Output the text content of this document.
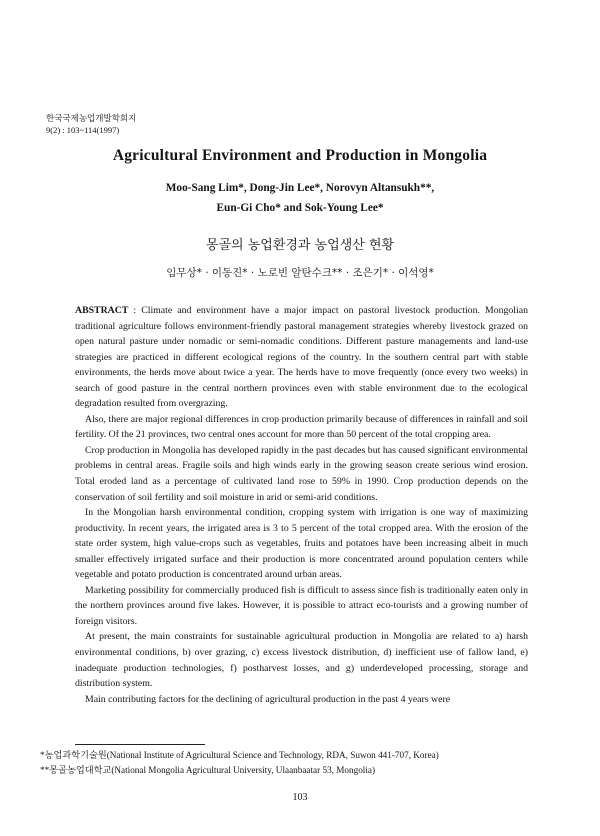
한국국제농업개발학회지
9(2) : 103~114(1997)
Agricultural Environment and Production in Mongolia
Moo-Sang Lim*, Dong-Jin Lee*, Norovyn Altansukh**,
Eun-Gi Cho* and Sok-Young Lee*
몽골의 농업환경과 농업생산 현황
임무상* · 이동진* · 노로빈 알탄수크** · 조은기* · 이석영*

ABSTRACT : Climate and environment have a major impact on pastoral livestock production. Mongolian traditional agriculture follows environment-friendly pastoral management strategies whereby livestock grazed on open natural pasture under nomadic or semi-nomadic conditions. Different pasture managements and land-use strategies are practiced in different ecological regions of the country. In the southern central part with stable environments, the herds move about twice a year. The herds have to move frequently (once every two weeks) in search of good pasture in the central northern provinces even with stable environment due to the ecological degradation resulted from overgrazing.

Also, there are major regional differences in crop production primarily because of differences in rainfall and soil fertility. Of the 21 provinces, two central ones account for more than 50 percent of the total cropping area.

Crop production in Mongolia has developed rapidly in the past decades but has caused significant environmental problems in central areas. Fragile soils and high winds early in the growing season create serious wind erosion. Total eroded land as a percentage of cultivated land rose to 59% in 1990. Crop production depends on the conservation of soil fertility and soil moisture in arid or semi-arid conditions.

In the Mongolian harsh environmental condition, cropping system with irrigation is one way of maximizing productivity. In recent years, the irrigated area is 3 to 5 percent of the total cropped area. With the erosion of the state order system, high value-crops such as vegetables, fruits and potatoes have been increasing albeit in much smaller effectively irrigated surface and their production is more concentrated around population centers while vegetable and potato production is concentrated around urban areas.

Marketing possibility for commercially produced fish is difficult to assess since fish is traditionally eaten only in the northern provinces around five lakes. However, it is possible to attract eco-tourists and a growing number of foreign visitors.

At present, the main constraints for sustainable agricultural production in Mongolia are related to a) harsh environmental conditions, b) over grazing, c) excess livestock distribution, d) inefficient use of fallow land, e) inadequate production technologies, f) postharvest losses, and g) underdeveloped processing, storage and distribution system.

Main contributing factors for the declining of agricultural production in the past 4 years were

*농업과학기술원(National Institute of Agricultural Science and Technology, RDA, Suwon 441-707, Korea)
**몽골농업대학교(National Mongolia Agricultural University, Ulaanbaatar 53, Mongolia)
103
